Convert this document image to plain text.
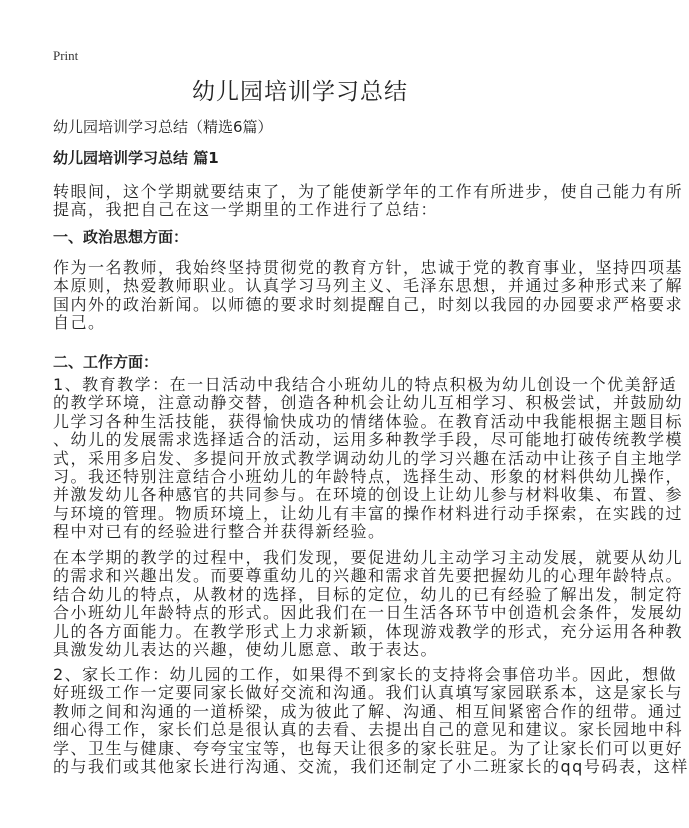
Print
幼儿园培训学习总结
幼儿园培训学习总结（精选6篇）
幼儿园培训学习总结 篇1
转眼间，这个学期就要结束了，为了能使新学年的工作有所进步，使自己能力有所
提高，我把自己在这一学期里的工作进行了总结：
一、政治思想方面：
作为一名教师，我始终坚持贯彻党的教育方针，忠诚于党的教育事业，坚持四项基
本原则，热爱教师职业。认真学习马列主义、毛泽东思想，并通过多种形式来了解
国内外的政治新闻。以师德的要求时刻提醒自己，时刻以我园的办园要求严格要求
自己。
二、工作方面：
1、教育教学：在一日活动中我结合小班幼儿的特点积极为幼儿创设一个优美舒适
的教学环境，注意动静交替，创造各种机会让幼儿互相学习、积极尝试，并鼓励幼
儿学习各种生活技能，获得愉快成功的情绪体验。在教育活动中我能根据主题目标
、幼儿的发展需求选择适合的活动，运用多种教学手段，尽可能地打破传统教学模
式，采用多启发、多提问开放式教学调动幼儿的学习兴趣在活动中让孩子自主地学
习。我还特别注意结合小班幼儿的年龄特点，选择生动、形象的材料供幼儿操作，
并激发幼儿各种感官的共同参与。在环境的创设上让幼儿参与材料收集、布置、参
与环境的管理。物质环境上，让幼儿有丰富的操作材料进行动手探索，在实践的过
程中对已有的经验进行整合并获得新经验。
在本学期的教学的过程中，我们发现，要促进幼儿主动学习主动发展，就要从幼儿
的需求和兴趣出发。而要尊重幼儿的兴趣和需求首先要把握幼儿的心理年龄特点。
结合幼儿的特点，从教材的选择，目标的定位，幼儿的已有经验了解出发，制定符
合小班幼儿年龄特点的形式。因此我们在一日生活各环节中创造机会条件，发展幼
儿的各方面能力。在教学形式上力求新颖，体现游戏教学的形式，充分运用各种教
具激发幼儿表达的兴趣，使幼儿愿意、敢于表达。
2、家长工作：幼儿园的工作，如果得不到家长的支持将会事倍功半。因此，想做
好班级工作一定要同家长做好交流和沟通。我们认真填写家园联系本，这是家长与
教师之间和沟通的一道桥梁，成为彼此了解、沟通、相互间紧密合作的纽带。通过
细心得工作，家长们总是很认真的去看、去提出自己的意见和建议。家长园地中科
学、卫生与健康、夸夸宝宝等，也每天让很多的家长驻足。为了让家长们可以更好
的与我们或其他家长进行沟通、交流，我们还制定了小二班家长的qq号码表，这样
